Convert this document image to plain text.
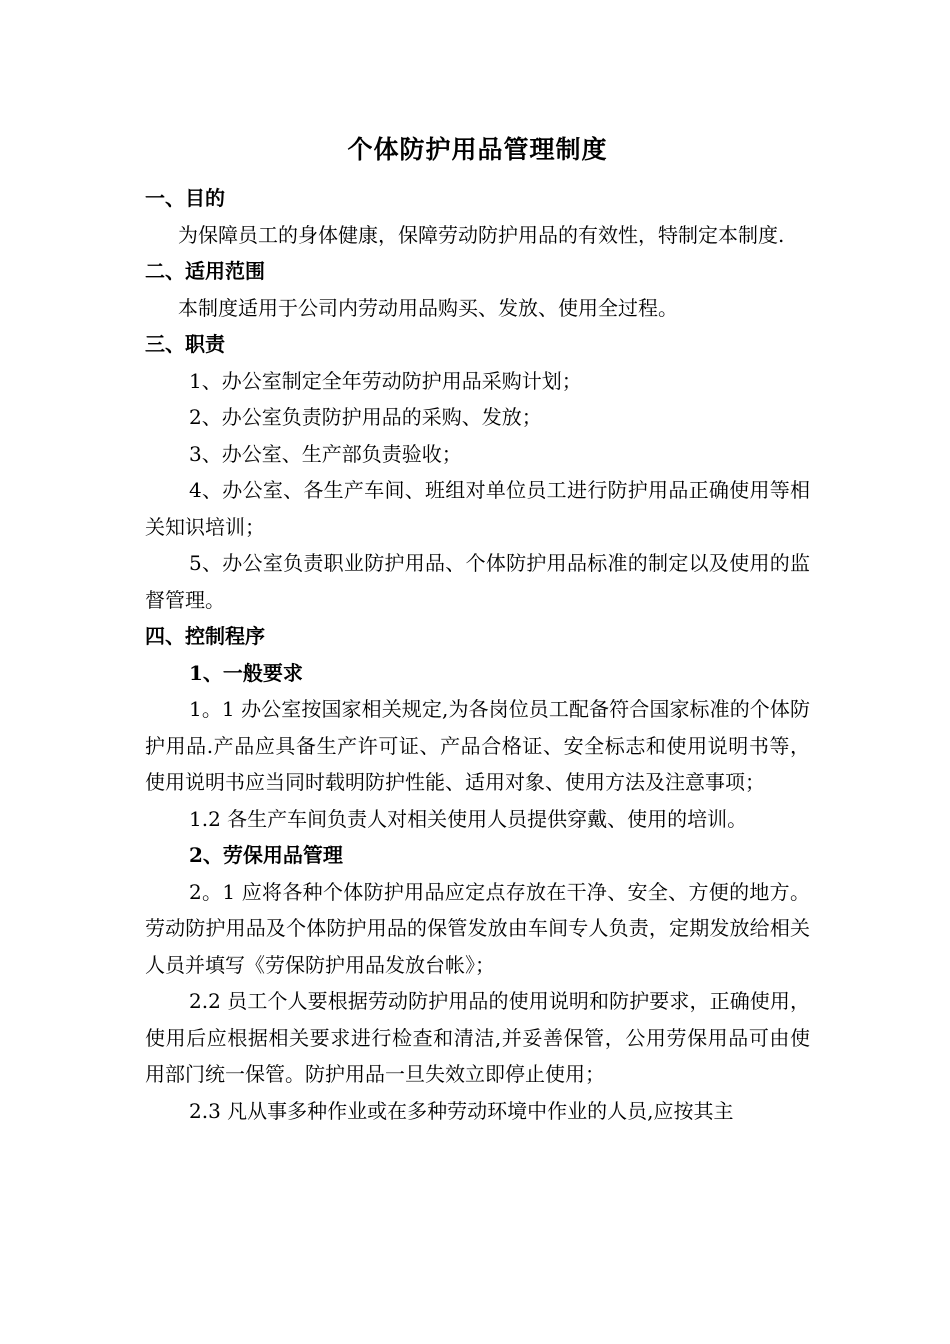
个体防护用品管理制度
一、目的

为保障员工的身体健康，保障劳动防护用品的有效性，特制定本制度.

二、适用范围

本制度适用于公司内劳动用品购买、发放、使用全过程。

三、职责

1、办公室制定全年劳动防护用品采购计划；

2、办公室负责防护用品的采购、发放；

3、办公室、生产部负责验收；

4、办公室、各生产车间、班组对单位员工进行防护用品正确使用等相关知识培训；

5、办公室负责职业防护用品、个体防护用品标准的制定以及使用的监督管理。

四、控制程序
1、一般要求

1。1 办公室按国家相关规定,为各岗位员工配备符合国家标准的个体防护用品.产品应具备生产许可证、产品合格证、安全标志和使用说明书等，使用说明书应当同时载明防护性能、适用对象、使用方法及注意事项；

1.2 各生产车间负责人对相关使用人员提供穿戴、使用的培训。

2、劳保用品管理

2。1 应将各种个体防护用品应定点存放在干净、安全、方便的地方。劳动防护用品及个体防护用品的保管发放由车间专人负责，定期发放给相关人员并填写《劳保防护用品发放台帐》；

2.2 员工个人要根据劳动防护用品的使用说明和防护要求，正确使用，使用后应根据相关要求进行检查和清洁,并妥善保管，公用劳保用品可由使用部门统一保管。防护用品一旦失效立即停止使用；

2.3 凡从事多种作业或在多种劳动环境中作业的人员,应按其主
